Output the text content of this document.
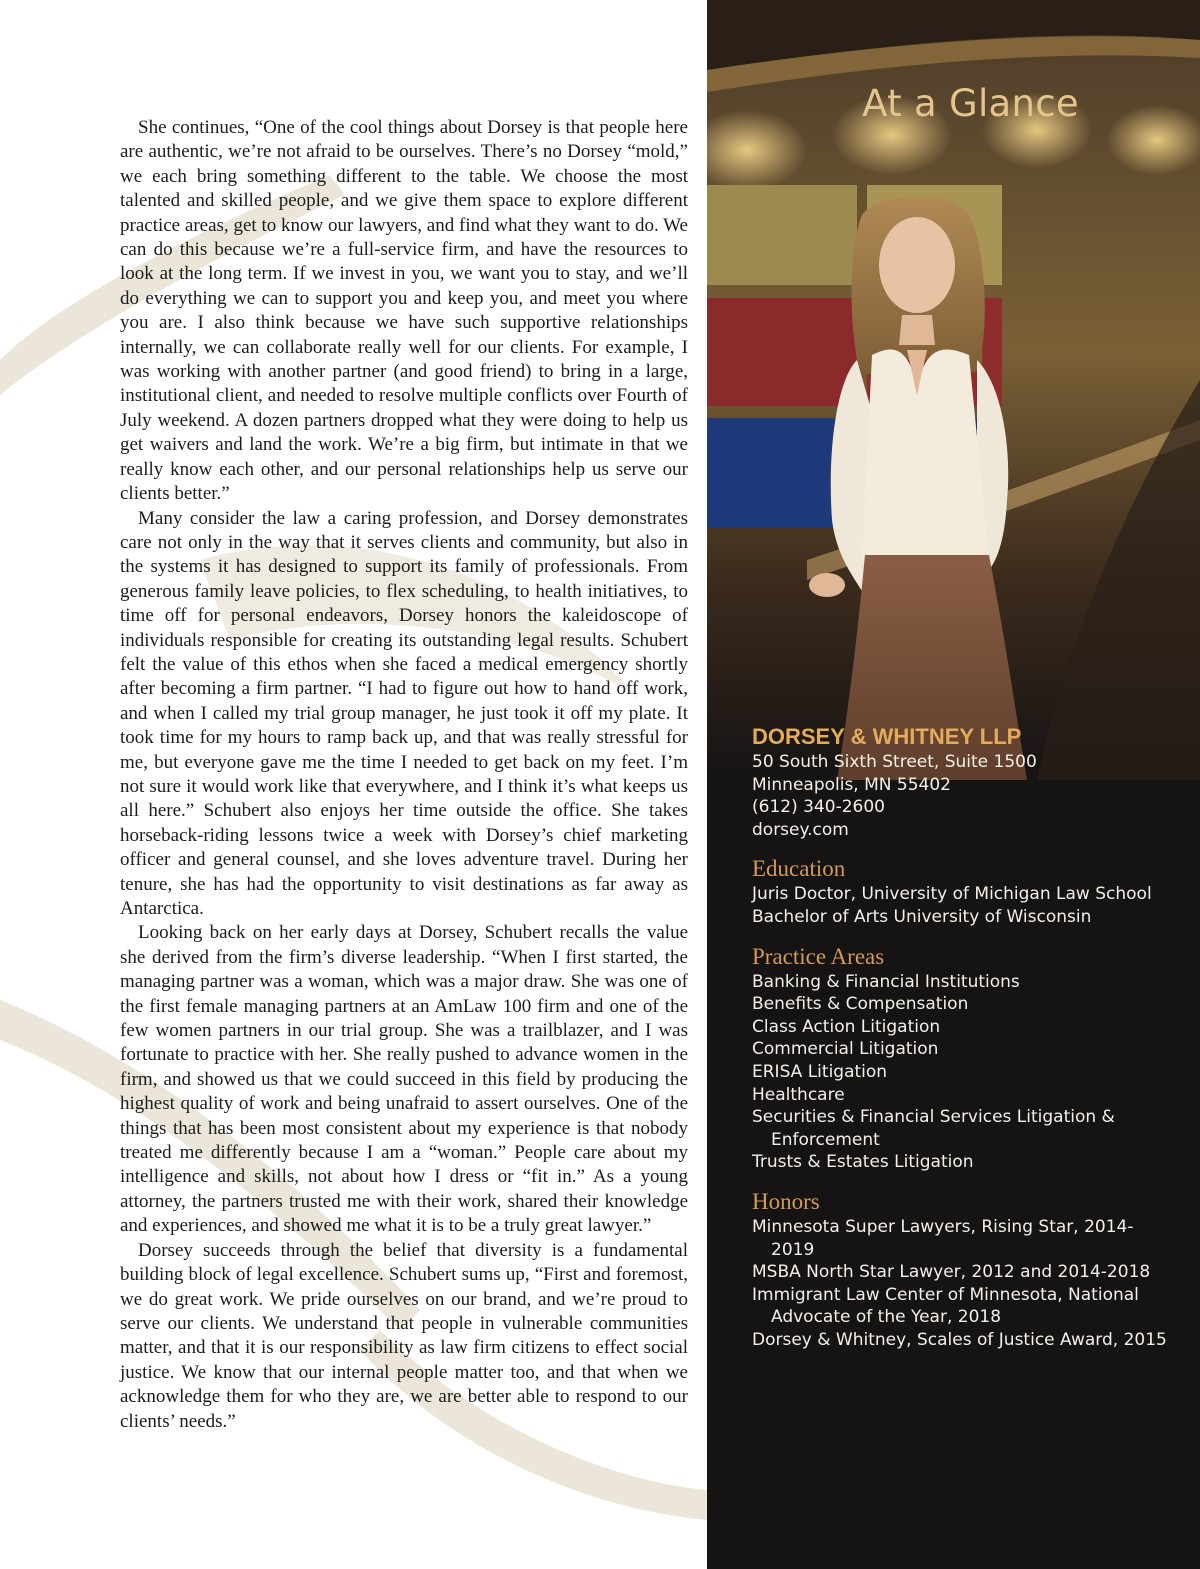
She continues, “One of the cool things about Dorsey is that people here are authentic, we’re not afraid to be ourselves. There’s no Dorsey “mold,” we each bring something different to the table. We choose the most talented and skilled people, and we give them space to explore different practice areas, get to know our lawyers, and find what they want to do. We can do this because we’re a full-service firm, and have the resources to look at the long term. If we invest in you, we want you to stay, and we’ll do everything we can to support you and keep you, and meet you where you are. I also think because we have such supportive relationships internally, we can collaborate really well for our clients. For example, I was working with another partner (and good friend) to bring in a large, institutional client, and needed to resolve multiple conflicts over Fourth of July weekend. A dozen partners dropped what they were doing to help us get waivers and land the work. We’re a big firm, but intimate in that we really know each other, and our personal relationships help us serve our clients better.”

Many consider the law a caring profession, and Dorsey demonstrates care not only in the way that it serves clients and community, but also in the systems it has designed to support its family of professionals. From generous family leave policies, to flex scheduling, to health initiatives, to time off for personal endeavors, Dorsey honors the kaleidoscope of individuals responsible for creating its outstanding legal results. Schubert felt the value of this ethos when she faced a medical emergency shortly after becoming a firm partner. “I had to figure out how to hand off work, and when I called my trial group manager, he just took it off my plate. It took time for my hours to ramp back up, and that was really stressful for me, but everyone gave me the time I needed to get back on my feet. I’m not sure it would work like that everywhere, and I think it’s what keeps us all here.” Schubert also enjoys her time outside the office. She takes horseback-riding lessons twice a week with Dorsey’s chief marketing officer and general counsel, and she loves adventure travel. During her tenure, she has had the opportunity to visit destinations as far away as Antarctica.

Looking back on her early days at Dorsey, Schubert recalls the value she derived from the firm’s diverse leadership. “When I first started, the managing partner was a woman, which was a major draw. She was one of the first female managing partners at an AmLaw 100 firm and one of the few women partners in our trial group. She was a trailblazer, and I was fortunate to practice with her. She really pushed to advance women in the firm, and showed us that we could succeed in this field by producing the highest quality of work and being unafraid to assert ourselves. One of the things that has been most consistent about my experience is that nobody treated me differently because I am a “woman.” People care about my intelligence and skills, not about how I dress or “fit in.” As a young attorney, the partners trusted me with their work, shared their knowledge and experiences, and showed me what it is to be a truly great lawyer.”

Dorsey succeeds through the belief that diversity is a fundamental building block of legal excellence. Schubert sums up, “First and foremost, we do great work. We pride ourselves on our brand, and we’re proud to serve our clients. We understand that people in vulnerable communities matter, and that it is our responsibility as law firm citizens to effect social justice. We know that our internal people matter too, and that when we acknowledge them for who they are, we are better able to respond to our clients’ needs.”

At a Glance

DORSEY & WHITNEY LLP

50 South Sixth Street, Suite 1500

Minneapolis, MN 55402

(612) 340-2600

dorsey.com

Education

Juris Doctor, University of Michigan Law School

Bachelor of Arts University of Wisconsin

Practice Areas

Banking & Financial Institutions

Benefits & Compensation

Class Action Litigation

Commercial Litigation

ERISA Litigation

Healthcare

Securities & Financial Services Litigation & Enforcement

Trusts & Estates Litigation

Honors

Minnesota Super Lawyers, Rising Star, 2014-2019

MSBA North Star Lawyer, 2012 and 2014-2018

Immigrant Law Center of Minnesota, National Advocate of the Year, 2018

Dorsey & Whitney, Scales of Justice Award, 2015
